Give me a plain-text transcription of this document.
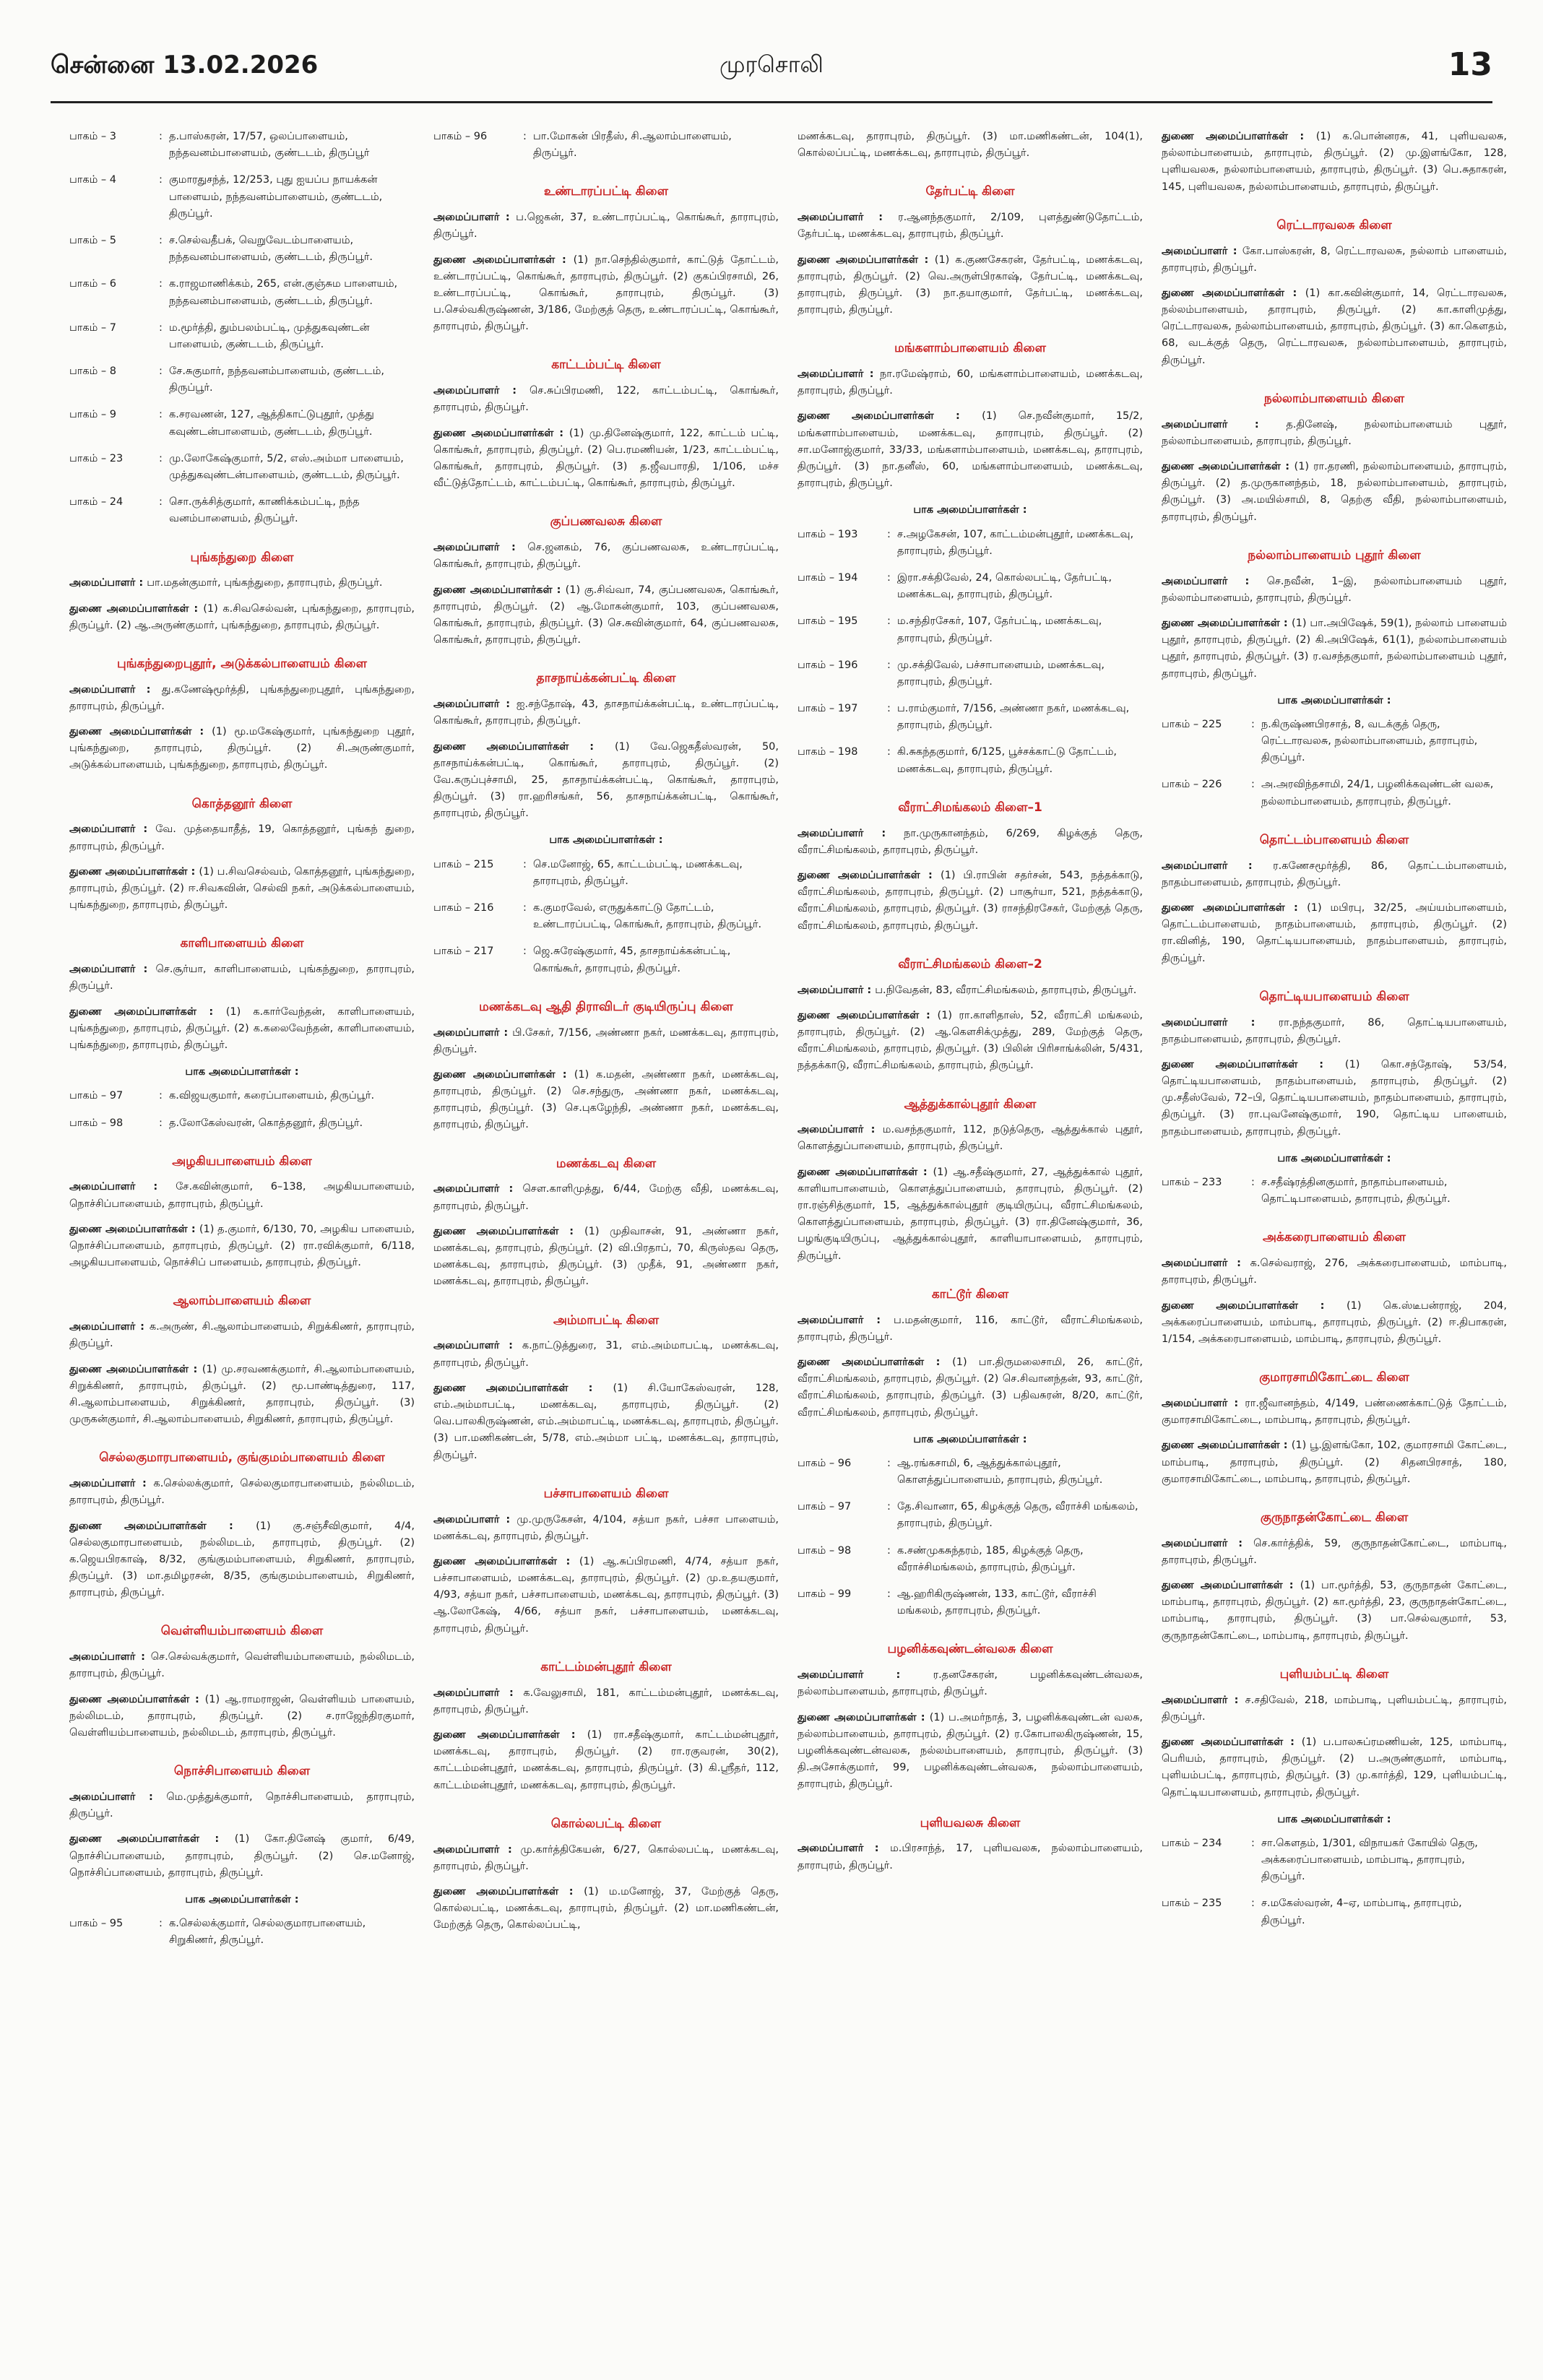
சென்னை 13.02.2026	முரசொலி	13
பாகம் – 3	: த.பாஸ்கரன், 17/57, ஒலப்பாளையம், நந்தவனம்பாளையம், குண்டடம், திருப்பூர்
பாகம் – 4	: குமாரதுசந்த், 12/253, புது ஐயப்ப நாயக்கன் பாளையம், நந்தவனம்பாளையம், குண்டடம், திருப்பூர்.
பாகம் – 5	: ச.செல்வதீபக், வெறுவேடம்பாளையம், நந்தவனம்பாளையம், குண்டடம், திருப்பூர்.
பாகம் – 6	: க.ராஜமாணிக்கம், 265, என்.குஞ்சும பாளையம், நந்தவனம்பாளையம், குண்டடம், திருப்பூர்.
பாகம் – 7	: ம.மூர்த்தி, தும்பலம்பட்டி, முத்துகவுண்டன் பாளையம், குண்டடம், திருப்பூர்.
பாகம் – 8	: சே.சுகுமார், நந்தவனம்பாளையம், குண்டடம், திருப்பூர்.
பாகம் – 9	: க.சரவணன், 127, ஆத்திகாட்டுபுதூர், முத்து கவுண்டன்பாளையம், குண்டடம், திருப்பூர்.
பாகம் – 23	: மு.லோகேஷ்குமார், 5/2, எஸ்.அம்மா பாளையம், முத்துகவுண்டன்பாளையம், குண்டடம், திருப்பூர்.
பாகம் – 24	: சொ.ருக்சித்குமார், காணிக்கம்பட்டி, நந்த வனம்பாளையம், திருப்பூர்.
புங்கந்துறை கிளை
அமைப்பாளர் : பா.மதன்குமார், புங்கந்துறை, தாராபுரம், திருப்பூர்.
துணை அமைப்பாளர்கள் : (1) க.சிவசெல்வன், புங்கந்துறை, தாராபுரம், திருப்பூர். (2) ஆ.அருண்குமார், புங்கந்துறை, தாராபுரம், திருப்பூர்.
புங்கந்துறைபுதூர், அடுக்கல்பாளையம் கிளை
அமைப்பாளர் : து.கணேஷ்மூர்த்தி, புங்கந்துறைபுதூர், புங்கந்துறை, தாராபுரம், திருப்பூர்.
துணை அமைப்பாளர்கள் : (1) மூ.மகேஷ்குமார், புங்கந்துறை புதூர், புங்கந்துறை, தாராபுரம், திருப்பூர். (2) சி.அருண்குமார், அடுக்கல்பாளையம், புங்கந்துறை, தாராபுரம், திருப்பூர்.
கொத்தனூர் கிளை
அமைப்பாளர் : வே. முத்தையாதீத், 19, கொத்தனூர், புங்கந் துறை, தாராபுரம், திருப்பூர்.
துணை அமைப்பாளர்கள் : (1) ப.சிவசெல்வம், கொத்தனூர், புங்கந்துறை, தாராபுரம், திருப்பூர். (2) ஈ.சிவகவின், செல்வி நகர், அடுக்கல்பாளையம், புங்கந்துறை, தாராபுரம், திருப்பூர்.
காளிபாளையம் கிளை
அமைப்பாளர் : செ.சூர்யா, காளிபாளையம், புங்கந்துறை, தாராபுரம், திருப்பூர்.
துணை அமைப்பாளர்கள் : (1) க.கார்வேந்தன், காளிபாளையம், புங்கந்துறை, தாராபுரம், திருப்பூர். (2) க.கலைவேந்தன், காளிபாளையம், புங்கந்துறை, தாராபுரம், திருப்பூர்.
பாக அமைப்பாளர்கள் :
பாகம் – 97	: க.விஜயகுமார், கரைப்பாளையம், திருப்பூர்.
பாகம் – 98	: த.லோகேஸ்வரன், கொத்தனூர், திருப்பூர்.
அழகியபாளையம் கிளை
அமைப்பாளர் : சே.கவின்குமார், 6–138, அழகியபாளையம், நொச்சிப்பாளையம், தாராபுரம், திருப்பூர்.
துணை அமைப்பாளர்கள் : (1) த.குமார், 6/130, 70, அழகிய பாளையம், நொச்சிப்பாளையம், தாராபுரம், திருப்பூர். (2) ரா.ரவிக்குமார், 6/118, அழகியபாளையம், நொச்சிப் பாளையம், தாராபுரம், திருப்பூர்.
ஆலாம்பாளையம் கிளை
அமைப்பாளர் : க.அருண், சி.ஆலாம்பாளையம், சிறுக்கிணர், தாராபுரம், திருப்பூர்.
துணை அமைப்பாளர்கள் : (1) மு.சரவணக்குமார், சி.ஆலாம்பாளையம், சிறுக்கிணர், தாராபுரம், திருப்பூர். (2) மூ.பாண்டித்துரை, 117, சி.ஆலாம்பாளையம், சிறுக்கிணர், தாராபுரம், திருப்பூர். (3) முருகன்குமார், சி.ஆலாம்பாளையம், சிறுகிணர், தாராபுரம், திருப்பூர்.
செல்லகுமாரபாளையம், குங்குமம்பாளையம் கிளை
அமைப்பாளர் : க.செல்லக்குமார், செல்லகுமாரபாளையம், நல்லிமடம், தாராபுரம், திருப்பூர்.
துணை அமைப்பாளர்கள் : (1) கு.சஞ்சீவிகுமார், 4/4, செல்லகுமாரபாளையம், நல்லிமடம், தாராபுரம், திருப்பூர். (2) க.ஜெயபிரகாஷ், 8/32, குங்குமம்பாளையம், சிறுகிணர், தாராபுரம், திருப்பூர். (3) மா.தமிழரசன், 8/35, குங்குமம்பாளையம், சிறுகிணர், தாராபுரம், திருப்பூர்.
வெள்ளியம்பாளையம் கிளை
அமைப்பாளர் : செ.செல்வக்குமார், வெள்ளியம்பாளையம், நல்லிமடம், தாராபுரம், திருப்பூர்.
துணை அமைப்பாளர்கள் : (1) ஆ.ராமராஜன், வெள்ளியம் பாளையம், நல்லிமடம், தாராபுரம், திருப்பூர். (2) ச.ராஜேந்திரகுமார், வெள்ளியம்பாளையம், நல்லிமடம், தாராபுரம், திருப்பூர்.
நொச்சிபாளையம் கிளை
அமைப்பாளர் : மெ.முத்துக்குமார், நொச்சிபாளையம், தாராபுரம், திருப்பூர்.
துணை அமைப்பாளர்கள் : (1) கோ.தினேஷ் குமார், 6/49, நொச்சிப்பாளையம், தாராபுரம், திருப்பூர். (2) செ.மனோஜ், நொச்சிப்பாளையம், தாராபுரம், திருப்பூர்.
பாக அமைப்பாளர்கள் :
பாகம் – 95	: க.செல்லக்குமார், செல்லகுமாரபாளையம், சிறுகிணர், திருப்பூர்.
பாகம் – 96	: பா.மோகன் பிரதீஸ், சி.ஆலாம்பாளையம், திருப்பூர்.
உண்டாரப்பட்டி கிளை
அமைப்பாளர் : ப.ஜெகன், 37, உண்டாரப்பட்டி, கொங்கூர், தாராபுரம், திருப்பூர்.
துணை அமைப்பாளர்கள் : (1) நா.செந்தில்குமார், காட்டுத் தோட்டம், உண்டாரப்பட்டி, கொங்கூர், தாராபுரம், திருப்பூர். (2) குகப்பிரசாமி, 26, உண்டாரப்பட்டி, கொங்கூர், தாராபுரம், திருப்பூர். (3) ப.செல்வகிருஷ்ணன், 3/186, மேற்குத் தெரு, உண்டாரப்பட்டி, கொங்கூர், தாராபுரம், திருப்பூர்.
காட்டம்பட்டி கிளை
அமைப்பாளர் : செ.சுப்பிரமணி, 122, காட்டம்பட்டி, கொங்கூர், தாராபுரம், திருப்பூர்.
துணை அமைப்பாளர்கள் : (1) மு.தினேஷ்குமார், 122, காட்டம் பட்டி, கொங்கூர், தாராபுரம், திருப்பூர். (2) பெ.ரமணியன், 1/23, காட்டம்பட்டி, கொங்கூர், தாராபுரம், திருப்பூர். (3) த.ஜீவபாரதி, 1/106, மச்ச வீட்டுத்தோட்டம், காட்டம்பட்டி, கொங்கூர், தாராபுரம், திருப்பூர்.
குப்பணவலசு கிளை
அமைப்பாளர் : செ.ஜனகம், 76, குப்பணவலசு, உண்டாரப்பட்டி, கொங்கூர், தாராபுரம், திருப்பூர்.
துணை அமைப்பாளர்கள் : (1) கு.சிவ்வா, 74, குப்பணவலசு, கொங்கூர், தாராபுரம், திருப்பூர். (2) ஆ.மோகன்குமார், 103, குப்பணவலசு, கொங்கூர், தாராபுரம், திருப்பூர். (3) செ.சுவின்குமார், 64, குப்பணவலசு, கொங்கூர், தாராபுரம், திருப்பூர்.
தாசநாய்க்கன்பட்டி கிளை
அமைப்பாளர் : ஐ.சந்தோஷ், 43, தாசநாய்க்கன்பட்டி, உண்டாரப்பட்டி, கொங்கூர், தாராபுரம், திருப்பூர்.
துணை அமைப்பாளர்கள் : (1) வே.ஜெகதீஸ்வரன், 50, தாசநாய்க்கன்பட்டி, கொங்கூர், தாராபுரம், திருப்பூர். (2) வே.கருப்புச்சாமி, 25, தாசநாய்க்கன்பட்டி, கொங்கூர், தாராபுரம், திருப்பூர். (3) ரா.ஹரிசங்கர், 56, தாசநாய்க்கன்பட்டி, கொங்கூர், தாராபுரம், திருப்பூர்.
பாக அமைப்பாளர்கள் :
பாகம் – 215	: செ.மனோஜ், 65, காட்டம்பட்டி, மணக்கடவு, தாராபுரம், திருப்பூர்.
பாகம் – 216	: க.குமரவேல், எருதுக்காட்டு தோட்டம், உண்டாரப்பட்டி, கொங்கூர், தாராபுரம், திருப்பூர்.
பாகம் – 217	: ஜெ.சுரேஷ்குமார், 45, தாசநாய்க்கன்பட்டி, கொங்கூர், தாராபுரம், திருப்பூர்.
மணக்கடவு ஆதி திராவிடர் குடியிருப்பு கிளை
அமைப்பாளர் : பி.சேகர், 7/156, அண்ணா நகர், மணக்கடவு, தாராபுரம், திருப்பூர்.
துணை அமைப்பாளர்கள் : (1) க.மதன், அண்ணா நகர், மணக்கடவு, தாராபுரம், திருப்பூர். (2) செ.சந்துரு, அண்ணா நகர், மணக்கடவு, தாராபுரம், திருப்பூர். (3) செ.புகழேந்தி, அண்ணா நகர், மணக்கடவு, தாராபுரம், திருப்பூர்.
மணக்கடவு கிளை
அமைப்பாளர் : செள.காளிமுத்து, 6/44, மேற்கு வீதி, மணக்கடவு, தாராபுரம், திருப்பூர்.
துணை அமைப்பாளர்கள் : (1) முதிவாசன், 91, அண்ணா நகர், மணக்கடவு, தாராபுரம், திருப்பூர். (2) வி.பிரதாப், 70, கிருஸ்தவ தெரு, மணக்கடவு, தாராபுரம், திருப்பூர். (3) முதீக், 91, அண்ணா நகர், மணக்கடவு, தாராபுரம், திருப்பூர்.
அம்மாபட்டி கிளை
அமைப்பாளர் : க.நாட்டுத்துரை, 31, எம்.அம்மாபட்டி, மணக்கடவு, தாராபுரம், திருப்பூர்.
துணை அமைப்பாளர்கள் : (1) சி.யோகேஸ்வரன், 128, எம்.அம்மாபட்டி, மணக்கடவு, தாராபுரம், திருப்பூர். (2) வெ.பாலகிருஷ்ணன், எம்.அம்மாபட்டி, மணக்கடவு, தாராபுரம், திருப்பூர். (3) பா.மணிகண்டன், 5/78, எம்.அம்மா பட்டி, மணக்கடவு, தாராபுரம், திருப்பூர்.
பச்சாபாளையம் கிளை
அமைப்பாளர் : மு.முருகேசன், 4/104, சத்யா நகர், பச்சா பாளையம், மணக்கடவு, தாராபுரம், திருப்பூர்.
துணை அமைப்பாளர்கள் : (1) ஆ.சுப்பிரமணி, 4/74, சத்யா நகர், பச்சாபாளையம், மணக்கடவு, தாராபுரம், திருப்பூர். (2) மு.உதயகுமார், 4/93, சத்யா நகர், பச்சாபாளையம், மணக்கடவு, தாராபுரம், திருப்பூர். (3) ஆ.லோகேஷ், 4/66, சத்யா நகர், பச்சாபாளையம், மணக்கடவு, தாராபுரம், திருப்பூர்.
காட்டம்மன்புதூர் கிளை
அமைப்பாளர் : க.வேலுசாமி, 181, காட்டம்மன்புதூர், மணக்கடவு, தாராபுரம், திருப்பூர்.
துணை அமைப்பாளர்கள் : (1) ரா.சதீஷ்குமார், காட்டம்மன்புதூர், மணக்கடவு, தாராபுரம், திருப்பூர். (2) ரா.ரகுவரன், 30(2), காட்டம்மன்புதூர், மணக்கடவு, தாராபுரம், திருப்பூர். (3) கி.ஸ்ரீதர், 112, காட்டம்மன்புதூர், மணக்கடவு, தாராபுரம், திருப்பூர்.
கொல்லபட்டி கிளை
அமைப்பாளர் : மு.கார்த்திகேயன், 6/27, கொல்லபட்டி, மணக்கடவு, தாராபுரம், திருப்பூர்.
துணை அமைப்பாளர்கள் : (1) ம.மனோஜ், 37, மேற்குத் தெரு, கொல்லபட்டி, மணக்கடவு, தாராபுரம், திருப்பூர். (2) மா.மணிகண்டன், மேற்குத் தெரு, கொல்லப்பட்டி,
மணக்கடவு, தாராபுரம், திருப்பூர். (3) மா.மணிகண்டன், 104(1), கொல்லப்பட்டி, மணக்கடவு, தாராபுரம், திருப்பூர்.
தேர்பட்டி கிளை
அமைப்பாளர் : ர.ஆனந்தகுமார், 2/109, புளத்துண்டுதோட்டம், தேர்பட்டி, மணக்கடவு, தாராபுரம், திருப்பூர்.
துணை அமைப்பாளர்கள் : (1) க.குணசேகரன், தேர்பட்டி, மணக்கடவு, தாராபுரம், திருப்பூர். (2) வெ.அருள்பிரகாஷ், தேர்பட்டி, மணக்கடவு, தாராபுரம், திருப்பூர். (3) நா.தயாகுமார், தேர்பட்டி, மணக்கடவு, தாராபுரம், திருப்பூர்.
மங்களாம்பாளையம் கிளை
அமைப்பாளர் : நா.ரமேஷ்ராம், 60, மங்களாம்பாளையம், மணக்கடவு, தாராபுரம், திருப்பூர்.
துணை அமைப்பாளர்கள் : (1) செ.நவீன்குமார், 15/2, மங்களாம்பாளையம், மணக்கடவு, தாராபுரம், திருப்பூர். (2) சா.மனோஜ்குமார், 33/33, மங்களாம்பாளையம், மணக்கடவு, தாராபுரம், திருப்பூர். (3) நா.தனீஸ், 60, மங்களாம்பாளையம், மணக்கடவு, தாராபுரம், திருப்பூர்.
பாக அமைப்பாளர்கள் :
பாகம் – 193	: ச.அழகேசன், 107, காட்டம்மன்புதூர், மணக்கடவு, தாராபுரம், திருப்பூர்.
பாகம் – 194	: இரா.சக்திவேல், 24, கொல்லபட்டி, தேர்பட்டி, மணக்கடவு, தாராபுரம், திருப்பூர்.
பாகம் – 195	: ம.சந்திரசேகர், 107, தேர்பட்டி, மணக்கடவு, தாராபுரம், திருப்பூர்.
பாகம் – 196	: மு.சக்திவேல், பச்சாபாளையம், மணக்கடவு, தாராபுரம், திருப்பூர்.
பாகம் – 197	: ப.ராம்குமார், 7/156, அண்ணா நகர், மணக்கடவு, தாராபுரம், திருப்பூர்.
பாகம் – 198	: கி.சுகந்தகுமார், 6/125, பூச்சக்காட்டு தோட்டம், மணக்கடவு, தாராபுரம், திருப்பூர்.
வீராட்சிமங்கலம் கிளை–1
அமைப்பாளர் : நா.முருகானந்தம், 6/269, கிழக்குத் தெரு, வீராட்சிமங்கலம், தாராபுரம், திருப்பூர்.
துணை அமைப்பாளர்கள் : (1) பி.ராபின் சதர்சன், 543, நத்தக்காடு, வீராட்சிமங்கலம், தாராபுரம், திருப்பூர். (2) பாசூர்யா, 521, நத்தக்காடு, வீராட்சிமங்கலம், தாராபுரம், திருப்பூர். (3) ராசந்திரசேகர், மேற்குத் தெரு, வீராட்சிமங்கலம், தாராபுரம், திருப்பூர்.
வீராட்சிமங்கலம் கிளை–2
அமைப்பாளர் : ப.நிவேதன், 83, வீராட்சிமங்கலம், தாராபுரம், திருப்பூர்.
துணை அமைப்பாளர்கள் : (1) ரா.காளிதாஸ், 52, வீராட்சி மங்கலம், தாராபுரம், திருப்பூர். (2) ஆ.கௌசிக்முத்து, 289, மேற்குத் தெரு, வீராட்சிமங்கலம், தாராபுரம், திருப்பூர். (3) பிலின் பிரிசாங்க்லின், 5/431, நத்தக்காடு, வீராட்சிமங்கலம், தாராபுரம், திருப்பூர்.
ஆத்துக்கால்புதூர் கிளை
அமைப்பாளர் : ம.வசந்தகுமார், 112, நடுத்தெரு, ஆத்துக்கால் புதூர், கொளத்துப்பாளையம், தாராபுரம், திருப்பூர்.
துணை அமைப்பாளர்கள் : (1) ஆ.சதீஷ்குமார், 27, ஆத்துக்கால் புதூர், காளியாபாளையம், கொளத்துப்பாளையம், தாராபுரம், திருப்பூர். (2) ரா.ரஞ்சித்குமார், 15, ஆத்துக்கால்புதூர் குடியிருப்பு, வீராட்சிமங்கலம், கொளத்துப்பாளையம், தாராபுரம், திருப்பூர். (3) ரா.தினேஷ்குமார், 36, பழங்குடியிருப்பு, ஆத்துக்கால்புதூர், காளியாபாளையம், தாராபுரம், திருப்பூர்.
காட்டூர் கிளை
அமைப்பாளர் : ப.மதன்குமார், 116, காட்டூர், வீராட்சிமங்கலம், தாராபுரம், திருப்பூர்.
துணை அமைப்பாளர்கள் : (1) பா.திருமலைசாமி, 26, காட்டூர், வீராட்சிமங்கலம், தாராபுரம், திருப்பூர். (2) செ.சிவானந்தன், 93, காட்டூர், வீராட்சிமங்கலம், தாராபுரம், திருப்பூர். (3) பதிவசுரன், 8/20, காட்டூர், வீராட்சிமங்கலம், தாராபுரம், திருப்பூர்.
பாக அமைப்பாளர்கள் :
பாகம் – 96	: ஆ.ரங்கசாமி, 6, ஆத்துக்கால்புதூர், கொளத்துப்பாளையம், தாராபுரம், திருப்பூர்.
பாகம் – 97	: தே.சிவானா, 65, கிழக்குத் தெரு, வீராச்சி மங்கலம், தாராபுரம், திருப்பூர்.
பாகம் – 98	: க.சண்முகசுந்தரம், 185, கிழக்குத் தெரு, வீராச்சிமங்கலம், தாராபுரம், திருப்பூர்.
பாகம் – 99	: ஆ.ஹரிகிருஷ்ணன், 133, காட்டூர், வீராச்சி மங்கலம், தாராபுரம், திருப்பூர்.
பழனிக்கவுண்டன்வலசு கிளை
அமைப்பாளர் : ர.தனசேகரன், பழனிக்கவுண்டன்வலசு, நல்லாம்பாளையம், தாராபுரம், திருப்பூர்.
துணை அமைப்பாளர்கள் : (1) ப.அமர்நாத், 3, பழனிக்கவுண்டன் வலசு, நல்லாம்பாளையம், தாராபுரம், திருப்பூர். (2) ர.கோபாலகிருஷ்ணன், 15, பழனிக்கவுண்டன்வலசு, நல்லம்பாளையம், தாராபுரம், திருப்பூர். (3) தி.அசோக்குமார், 99, பழனிக்கவுண்டன்வலசு, நல்லாம்பாளையம், தாராபுரம், திருப்பூர்.
புளியவலசு கிளை
அமைப்பாளர் : ம.பிரசாந்த், 17, புளியவலசு, நல்லாம்பாளையம், தாராபுரம், திருப்பூர்.
துணை அமைப்பாளர்கள் : (1) க.பொன்னரசு, 41, புளியவலசு, நல்லாம்பாளையம், தாராபுரம், திருப்பூர். (2) மு.இளங்கோ, 128, புளியவலசு, நல்லாம்பாளையம், தாராபுரம், திருப்பூர். (3) பெ.சுதாகரன், 145, புளியவலசு, நல்லாம்பாளையம், தாராபுரம், திருப்பூர்.
ரெட்டாரவலசு கிளை
அமைப்பாளர் : கோ.பாஸ்கரன், 8, ரெட்டாரவலசு, நல்லாம் பாளையம், தாராபுரம், திருப்பூர்.
துணை அமைப்பாளர்கள் : (1) கா.கவின்குமார், 14, ரெட்டாரவலசு, நல்லம்பாளையம், தாராபுரம், திருப்பூர். (2) கா.காளிமுத்து, ரெட்டாரவலசு, நல்லாம்பாளையம், தாராபுரம், திருப்பூர். (3) கா.கௌதம், 68, வடக்குத் தெரு, ரெட்டாரவலசு, நல்லாம்பாளையம், தாராபுரம், திருப்பூர்.
நல்லாம்பாளையம் கிளை
அமைப்பாளர் : த.தினேஷ், நல்லாம்பாளையம் புதூர், நல்லாம்பாளையம், தாராபுரம், திருப்பூர்.
துணை அமைப்பாளர்கள் : (1) ரா.தரணி, நல்லாம்பாளையம், தாராபுரம், திருப்பூர். (2) த.முருகானந்தம், 18, நல்லாம்பாளையம், தாராபுரம், திருப்பூர். (3) அ.மயில்சாமி, 8, தெற்கு வீதி, நல்லாம்பாளையம், தாராபுரம், திருப்பூர்.
நல்லாம்பாளையம் புதூர் கிளை
அமைப்பாளர் : செ.நவீன், 1–இ, நல்லாம்பாளையம் புதூர், நல்லாம்பாளையம், தாராபுரம், திருப்பூர்.
துணை அமைப்பாளர்கள் : (1) பா.அபிஷேக், 59(1), நல்லாம் பாளையம் புதூர், தாராபுரம், திருப்பூர். (2) கி.அபிஷேக், 61(1), நல்லாம்பாளையம் புதூர், தாராபுரம், திருப்பூர். (3) ர.வசந்தகுமார், நல்லாம்பாளையம் புதூர், தாராபுரம், திருப்பூர்.
பாக அமைப்பாளர்கள் :
பாகம் – 225	: ந.கிருஷ்ணபிரசாத், 8, வடக்குத் தெரு, ரெட்டாரவலசு, நல்லாம்பாளையம், தாராபுரம், திருப்பூர்.
பாகம் – 226	: அ.அரவிந்தசாமி, 24/1, பழனிக்கவுண்டன் வலசு, நல்லாம்பாளையம், தாராபுரம், திருப்பூர்.
தொட்டம்பாளையம் கிளை
அமைப்பாளர் : ர.கணேசமூர்த்தி, 86, தொட்டம்பாளையம், நாதம்பாளையம், தாராபுரம், திருப்பூர்.
துணை அமைப்பாளர்கள் : (1) மபிரபு, 32/25, அய்யம்பாளையம், தொட்டம்பாளையம், நாதம்பாளையம், தாராபுரம், திருப்பூர். (2) ரா.வினித், 190, தொட்டியபாளையம், நாதம்பாளையம், தாராபுரம், திருப்பூர்.
தொட்டியபாளையம் கிளை
அமைப்பாளர் : ரா.நந்தகுமார், 86, தொட்டியபாளையம், நாதம்பாளையம், தாராபுரம், திருப்பூர்.
துணை அமைப்பாளர்கள் : (1) கொ.சந்தோஷ், 53/54, தொட்டியபாளையம், நாதம்பாளையம், தாராபுரம், திருப்பூர். (2) மு.சதீஸ்வேல், 72–பி, தொட்டியபாளையம், நாதம்பாளையம், தாராபுரம், திருப்பூர். (3) ரா.புவனேஷ்குமார், 190, தொட்டிய பாளையம், நாதம்பாளையம், தாராபுரம், திருப்பூர்.
பாக அமைப்பாளர்கள் :
பாகம் – 233	: ச.சதீஷ்ரத்தினகுமார், நாதாம்பாளையம், தொட்டிபாளையம், தாராபுரம், திருப்பூர்.
அக்கரைபாளையம் கிளை
அமைப்பாளர் : க.செல்வராஜ், 276, அக்கரைபாளையம், மாம்பாடி, தாராபுரம், திருப்பூர்.
துணை அமைப்பாளர்கள் : (1) கெ.ஸ்டீபன்ராஜ், 204, அக்கரைப்பாளையம், மாம்பாடி, தாராபுரம், திருப்பூர். (2) ஈ.திபாகரன், 1/154, அக்கரைபாளையம், மாம்பாடி, தாராபுரம், திருப்பூர்.
குமாரசாமிகோட்டை கிளை
அமைப்பாளர் : ரா.ஜீவானந்தம், 4/149, பண்ணைக்காட்டுத் தோட்டம், குமாரசாமிகோட்டை, மாம்பாடி, தாராபுரம், திருப்பூர்.
துணை அமைப்பாளர்கள் : (1) பூ.இளங்கோ, 102, குமாரசாமி கோட்டை, மாம்பாடி, தாராபுரம், திருப்பூர். (2) சிதனபிரசாத், 180, குமாரசாமிகோட்டை, மாம்பாடி, தாராபுரம், திருப்பூர்.
குருநாதன்கோட்டை கிளை
அமைப்பாளர் : செ.கார்த்திக், 59, குருநாதன்கோட்டை, மாம்பாடி, தாராபுரம், திருப்பூர்.
துணை அமைப்பாளர்கள் : (1) பா.மூர்த்தி, 53, குருநாதன் கோட்டை, மாம்பாடி, தாராபுரம், திருப்பூர். (2) கா.மூர்த்தி, 23, குருநாதன்கோட்டை, மாம்பாடி, தாராபுரம், திருப்பூர். (3) பா.செல்வகுமார், 53, குருநாதன்கோட்டை, மாம்பாடி, தாராபுரம், திருப்பூர்.
புளியம்பட்டி கிளை
அமைப்பாளர் : ச.சதிவேல், 218, மாம்பாடி, புளியம்பட்டி, தாராபுரம், திருப்பூர்.
துணை அமைப்பாளர்கள் : (1) ப.பாலசுப்ரமணியன், 125, மாம்பாடி, பெரியம், தாராபுரம், திருப்பூர். (2) ப.அருண்குமார், மாம்பாடி, புளியம்பட்டி, தாராபுரம், திருப்பூர். (3) மு.கார்த்தி, 129, புளியம்பட்டி, தொட்டியபாளையம், தாராபுரம், திருப்பூர்.
பாக அமைப்பாளர்கள் :
பாகம் – 234	: சா.கௌதம், 1/301, விநாயகர் கோயில் தெரு, அக்கரைப்பாளையம், மாம்பாடி, தாராபுரம், திருப்பூர்.
பாகம் – 235	: ச.மகேஸ்வரன், 4–ஏ, மாம்பாடி, தாராபுரம், திருப்பூர்.
